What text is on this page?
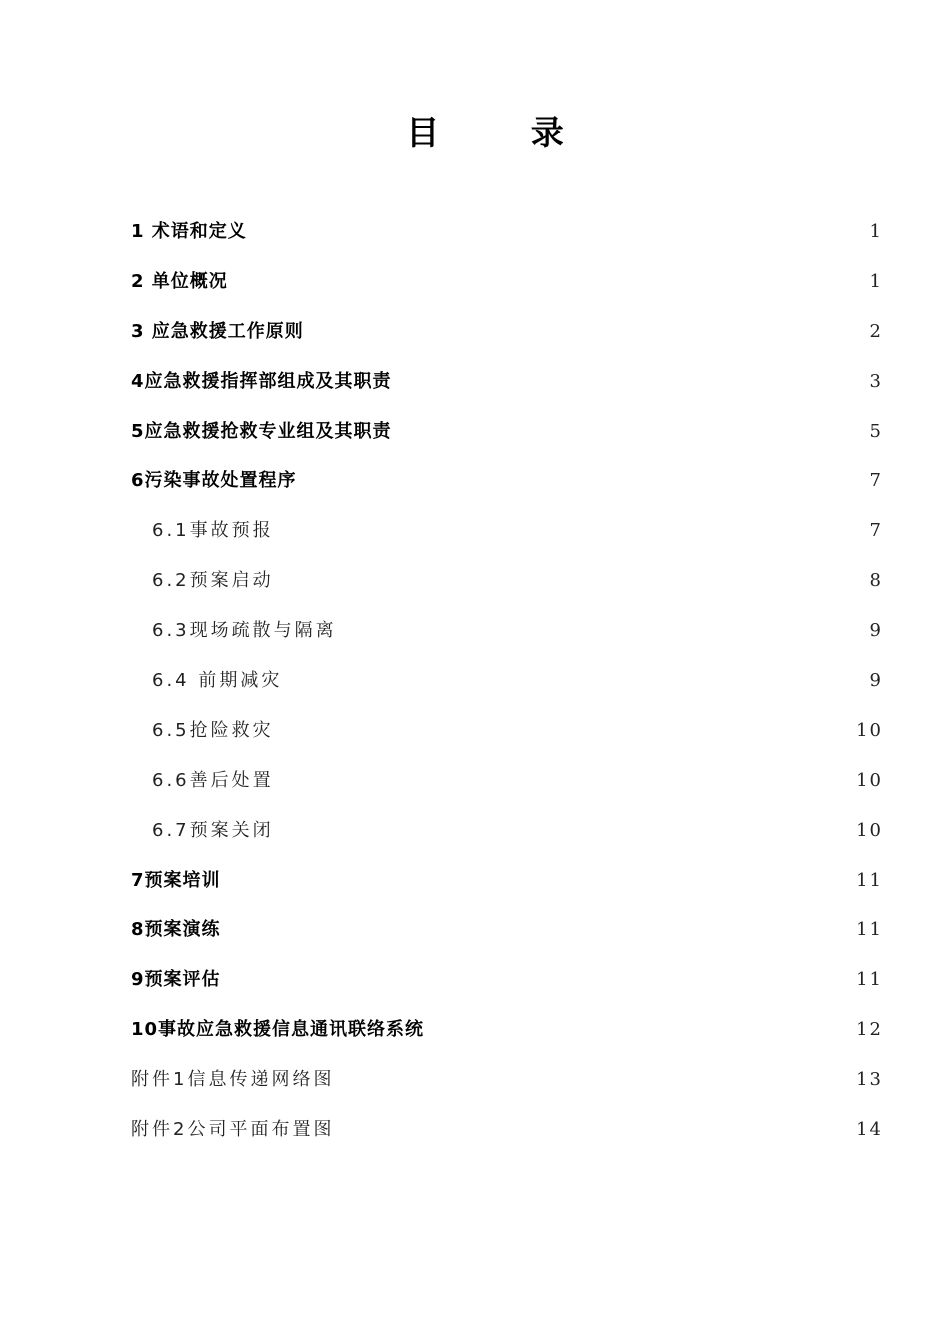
目 录
1 术语和定义 . . .	1
2 单位概况 . . .	1
3 应急救援工作原则 . . .	2
4应急救援指挥部组成及其职责 . . .	3
5应急救援抢救专业组及其职责 . . .	5
6污染事故处置程序 . . .	7
6.1事故预报 . . .	7
6.2预案启动 . . .	8
6.3现场疏散与隔离 . . .	9
6.4 前期减灾 . . .	9
6.5抢险救灾 . . .	10
6.6善后处置 . . .	10
6.7预案关闭 . . .	10
7预案培训 . . .	11
8预案演练 . . .	11
9预案评估 . . .	11
10事故应急救援信息通讯联络系统 . . .	12
附件1信息传递网络图 . . .	13
附件2公司平面布置图 . . .	14
